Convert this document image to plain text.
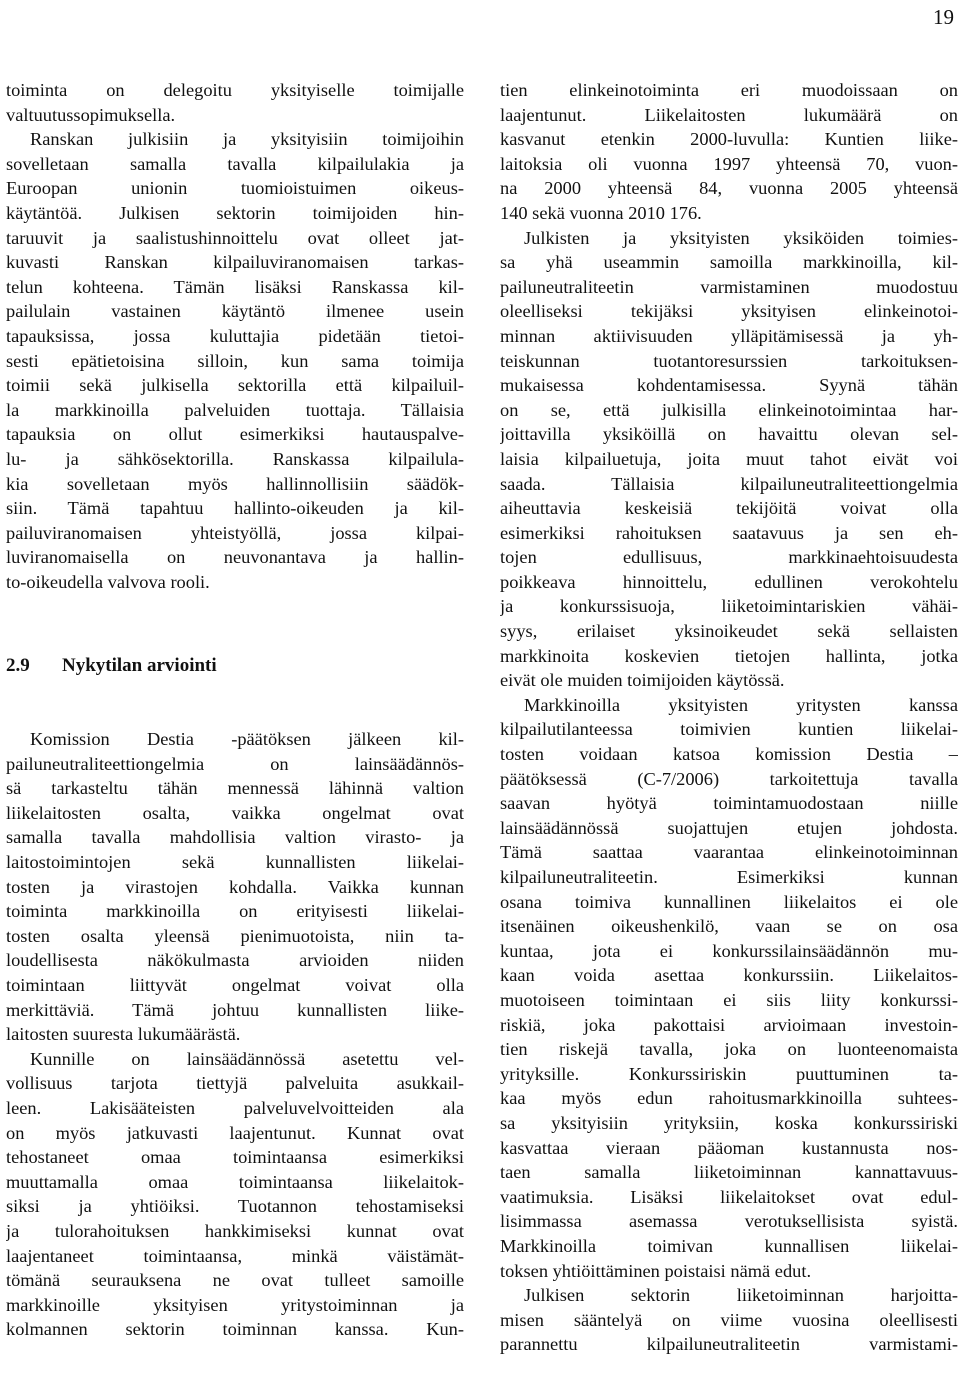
19
toiminta on delegoitu yksityiselle toimijalle
valtuutussopimuksella.
Ranskan julkisiin ja yksityisiin toimijoihin
sovelletaan samalla tavalla kilpailulakia ja
Euroopan unionin tuomioistuimen oikeus-
käytäntöä. Julkisen sektorin toimijoiden hin-
taruuvit ja saalistushinnoittelu ovat olleet jat-
kuvasti Ranskan kilpailuviranomaisen tarkas-
telun kohteena. Tämän lisäksi Ranskassa kil-
pailulain vastainen käytäntö ilmenee usein
tapauksissa, jossa kuluttajia pidetään tietoi-
sesti epätietoisina silloin, kun sama toimija
toimii sekä julkisella sektorilla että kilpailuil-
la markkinoilla palveluiden tuottaja. Tällaisia
tapauksia on ollut esimerkiksi hautauspalve-
lu- ja sähkösektorilla. Ranskassa kilpailula-
kia sovelletaan myös hallinnollisiin säädök-
siin. Tämä tapahtuu hallinto-oikeuden ja kil-
pailuviranomaisen yhteistyöllä, jossa kilpai-
luviranomaisella on neuvonantava ja hallin-
to-oikeudella valvova rooli.
2.9 Nykytilan arviointi
Komission Destia -päätöksen jälkeen kil-
pailuneutraliteettiongelmia on lainsäädännös-
sä tarkasteltu tähän mennessä lähinnä valtion
liikelaitosten osalta, vaikka ongelmat ovat
samalla tavalla mahdollisia valtion virasto- ja
laitostoimintojen sekä kunnallisten liikelai-
tosten ja virastojen kohdalla. Vaikka kunnan
toiminta markkinoilla on erityisesti liikelai-
tosten osalta yleensä pienimuotoista, niin ta-
loudellisesta näkökulmasta arvioiden niiden
toimintaan liittyvät ongelmat voivat olla
merkittäviä. Tämä johtuu kunnallisten liike-
laitosten suuresta lukumäärästä.
Kunnille on lainsäädännössä asetettu vel-
vollisuus tarjota tiettyjä palveluita asukkail-
leen. Lakisääteisten palveluvelvoitteiden ala
on myös jatkuvasti laajentunut. Kunnat ovat
tehostaneet omaa toimintaansa esimerkiksi
muuttamalla omaa toimintaansa liikelaitok-
siksi ja yhtiöiksi. Tuotannon tehostamiseksi
ja tulorahoituksen hankkimiseksi kunnat ovat
laajentaneet toimintaansa, minkä väistämät-
tömänä seurauksena ne ovat tulleet samoille
markkinoille yksityisen yritystoiminnan ja
kolmannen sektorin toiminnan kanssa. Kun-
tien elinkeinotoiminta eri muodoissaan on
laajentunut. Liikelaitosten lukumäärä on
kasvanut etenkin 2000-luvulla: Kuntien liike-
laitoksia oli vuonna 1997 yhteensä 70, vuon-
na 2000 yhteensä 84, vuonna 2005 yhteensä
140 sekä vuonna 2010 176.
Julkisten ja yksityisten yksiköiden toimies-
sa yhä useammin samoilla markkinoilla, kil-
pailuneutraliteetin varmistaminen muodostuu
oleelliseksi tekijäksi yksityisen elinkeinotoi-
minnan aktiivisuuden ylläpitämisessä ja yh-
teiskunnan tuotantoresurssien tarkoituksen-
mukaisessa kohdentamisessa. Syynä tähän
on se, että julkisilla elinkeinotoimintaa har-
joittavilla yksiköillä on havaittu olevan sel-
laisia kilpailuetuja, joita muut tahot eivät voi
saada. Tällaisia kilpailuneutraliteettiongelmia
aiheuttavia keskeisiä tekijöitä voivat olla
esimerkiksi rahoituksen saatavuus ja sen eh-
tojen edullisuus, markkinaehtoisuudesta
poikkeava hinnoittelu, edullinen verokohtelu
ja konkurssisuoja, liiketoimintariskien vähäi-
syys, erilaiset yksinoikeudet sekä sellaisten
markkinoita koskevien tietojen hallinta, jotka
eivät ole muiden toimijoiden käytössä.
Markkinoilla yksityisten yritysten kanssa
kilpailutilanteessa toimivien kuntien liikelai-
tosten voidaan katsoa komission Destia –
päätöksessä (C-7/2006) tarkoitettuja tavalla
saavan hyötyä toimintamuodostaan niille
lainsäädännössä suojattujen etujen johdosta.
Tämä saattaa vaarantaa elinkeinotoiminnan
kilpailuneutraliteetin. Esimerkiksi kunnan
osana toimiva kunnallinen liikelaitos ei ole
itsenäinen oikeushenkilö, vaan se on osa
kuntaa, jota ei konkurssilainsäädännön mu-
kaan voida asettaa konkurssiin. Liikelaitos-
muotoiseen toimintaan ei siis liity konkurssi-
riskiä, joka pakottaisi arvioimaan investoin-
tien riskejä tavalla, joka on luonteenomaista
yrityksille. Konkurssiriskin puuttuminen ta-
kaa myös edun rahoitusmarkkinoilla suhtees-
sa yksityisiin yrityksiin, koska konkurssiriski
kasvattaa vieraan pääoman kustannusta nos-
taen samalla liiketoiminnan kannattavuus-
vaatimuksia. Lisäksi liikelaitokset ovat edul-
lisimmassa asemassa verotuksellisista syistä.
Markkinoilla toimivan kunnallisen liikelai-
toksen yhtiöittäminen poistaisi nämä edut.
Julkisen sektorin liiketoiminnan harjoitta-
misen sääntelyä on viime vuosina oleellisesti
parannettu kilpailuneutraliteetin varmistami-
